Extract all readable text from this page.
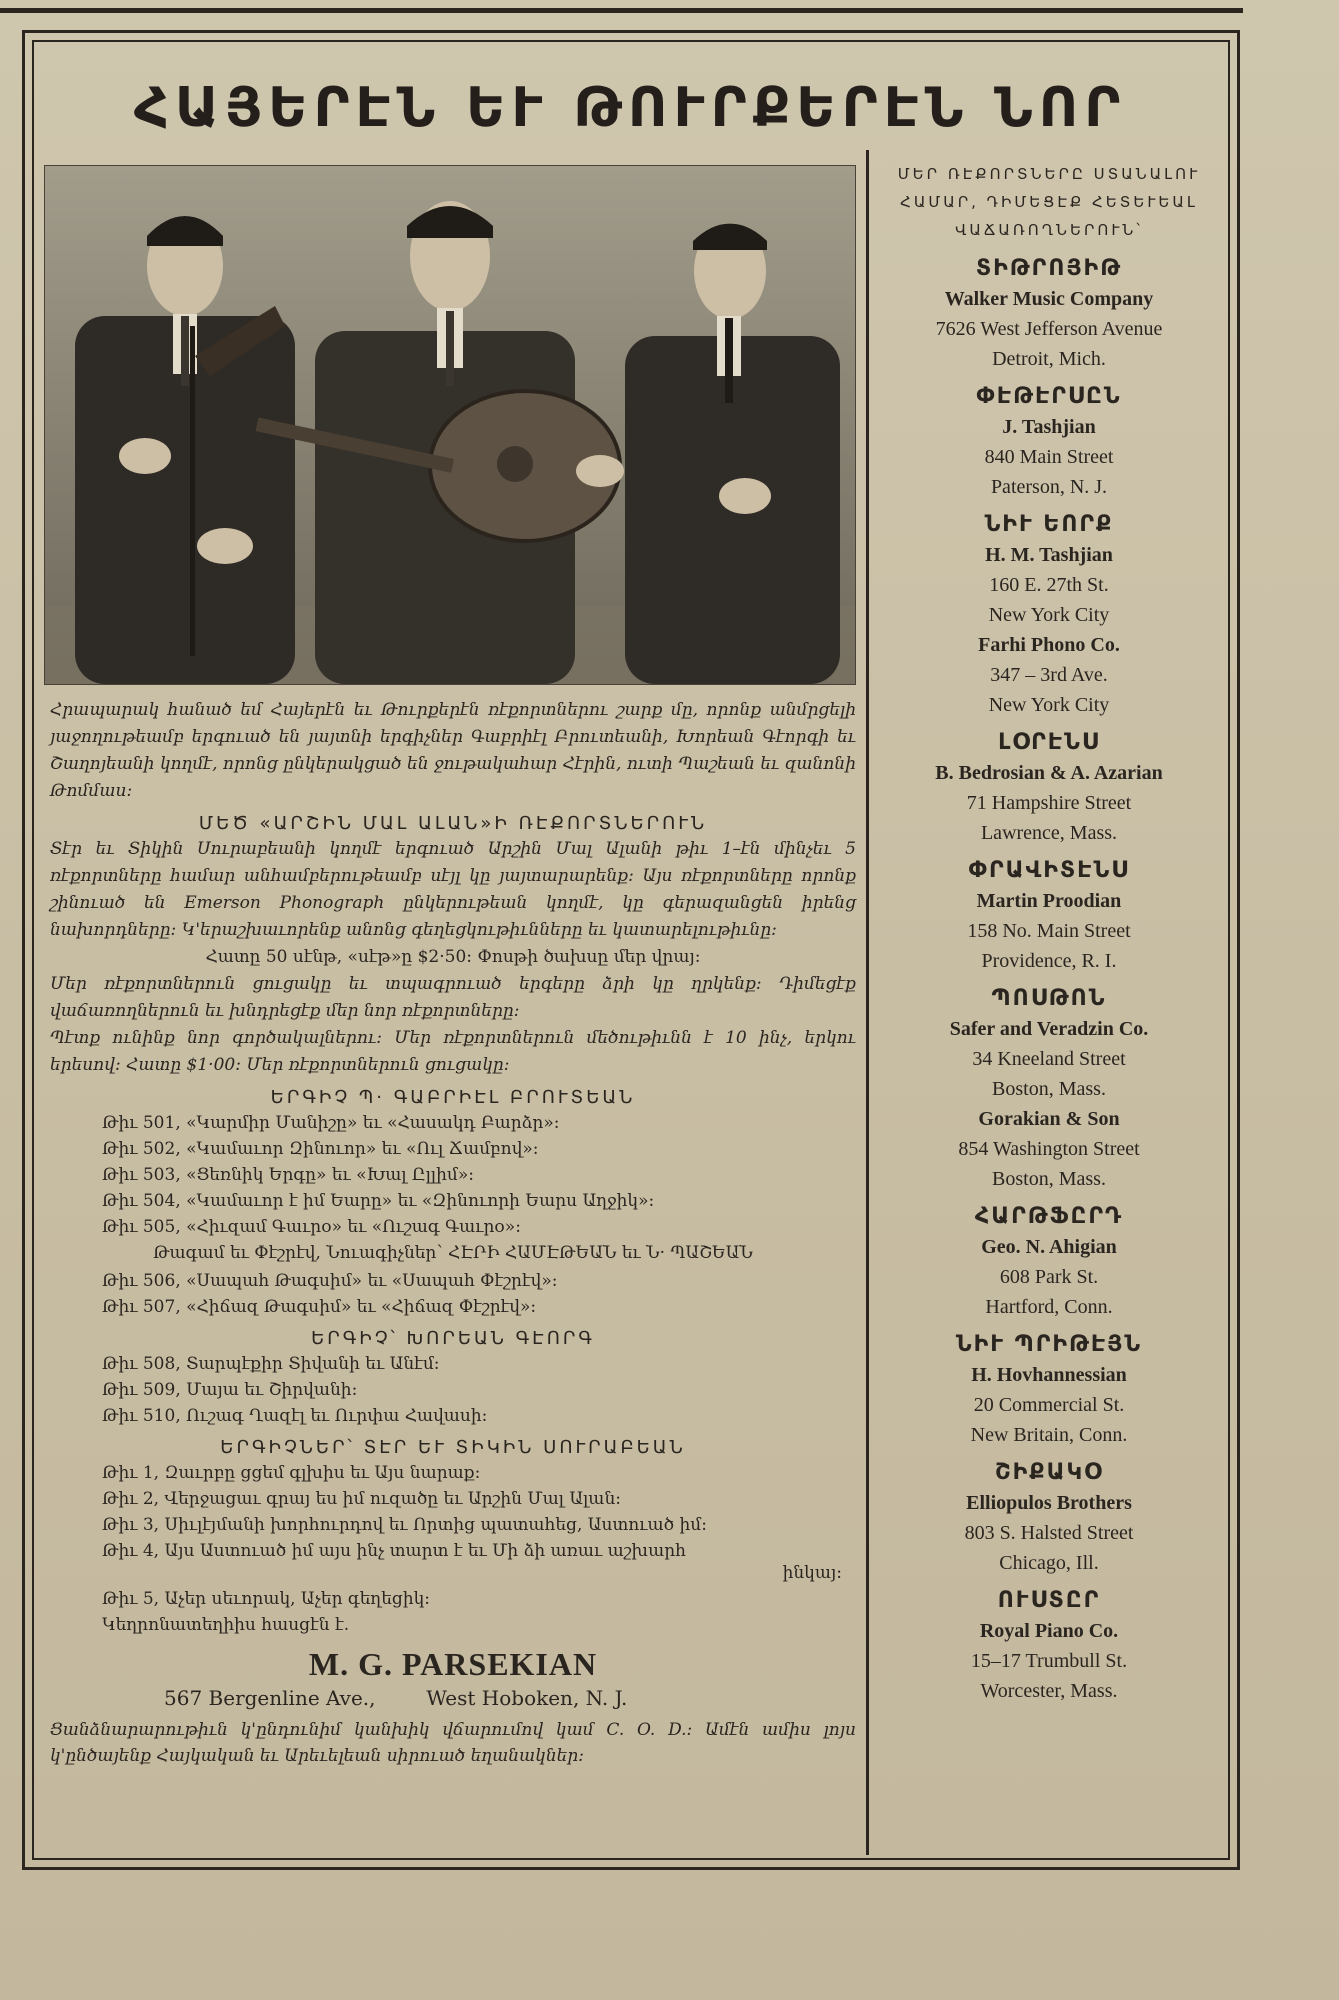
ՀԱՅԵՐԷՆ ԵՒ ԹՈՒՐՔԵՐԷՆ ՆՈՐ

Հրապարակ հանած եմ Հայերէն եւ Թուրքերէն ռէքորտներու շարք մը, որոնք անմրցելի յաջողութեամբ երգուած են յայտնի երգիչներ Գաբրիէլ Բրուտեանի, Խորեան Գէորգի եւ Շաղոյեանի կողմէ, որոնց ընկերակցած են ջութակահար Հէրին, ուտի Պաշեան եւ զանոնի Թոմմաս։

ՄԵԾ «ԱՐՇԻՆ ՄԱԼ ԱԼԱՆ»Ի ՌԷՔՈՐՏՆԵՐՈՒՆ

Տէր եւ Տիկին Սուրաբեանի կողմէ երգուած Արշին Մալ Ալանի թիւ 1–էն մինչեւ 5 ռէքորտները համար անհամբերութեամբ սէյլ կը յայտարարենք։ Այս ռէքորտները որոնք շինուած են Emerson Phonograph ընկերութեան կողմէ, կը գերազանցեն իրենց նախորդները։ Կ'երաշխաւորենք անոնց գեղեցկութիւնները եւ կատարելութիւնը։

Հատը 50 սէնթ, «սէթ»ը $2·50։ Փոսթի ծախսը մեր վրայ։

Մեր ռէքորտներուն ցուցակը եւ տպագրուած երգերը ձրի կը ղրկենք։ Դիմեցէք վաճառողներուն եւ խնդրեցէք մեր նոր ռէքորտները։

Պէտք ունինք նոր գործակալներու։ Մեր ռէքորտներուն մեծութիւնն է 10 ինչ, երկու երեսով։ Հատը $1·00։ Մեր ռէքորտներուն ցուցակը։

ԵՐԳԻՉ Պ· ԳԱԲՐԻԷԼ ԲՐՈՒՏԵԱՆ
Թիւ 501, «Կարմիր Մանիշը» եւ «Հասակդ Բարձր»։
Թիւ 502, «Կամաւոր Զինուոր» եւ «Ուլ Ճամբով»։
Թիւ 503, «Ցեռնիկ Երգը» եւ «Խալ Ըլլիմ»։
Թիւ 504, «Կամաւոր է իմ Եարը» եւ «Զինուորի Եարս Աղջիկ»։
Թիւ 505, «Հիւզամ Գաւրօ» եւ «Ուշագ Գաւրօ»։
Թագամ եւ Փէշրէվ, Նուագիչներ՝ ՀԷՐԻ ՀԱՄԷԹԵԱՆ եւ Ն· ՊԱՇԵԱՆ
Թիւ 506, «Սապահ Թագսիմ» եւ «Սապահ Փէշրէվ»։
Թիւ 507, «Հիճազ Թագսիմ» եւ «Հիճազ Փէշրէվ»։
ԵՐԳԻՉ՝ ԽՈՐԵԱՆ ԳԷՈՐԳ
Թիւ 508, Տարպէքիր Տիվանի եւ Անէմ։
Թիւ 509, Մայա եւ Շիրվանի։
Թիւ 510, Ուշագ Ղազէլ եւ Ուրփա Հավասի։
ԵՐԳԻՉՆԵՐ՝ ՏԷՐ ԵՒ ՏԻԿԻՆ ՍՈՒՐԱԲԵԱՆ
Թիւ 1, Զաւրբը ցցեմ գլխիս եւ Այս նարաք։
Թիւ 2, Վերջացաւ գրայ ես իմ ուզածը եւ Արշին Մալ Ալան։
Թիւ 3, Սիւլէյմանի խորհուրդով եւ Որտից պատահեց, Աստուած իմ։
Թիւ 4, Այս Աստուած իմ այս ինչ տարտ է եւ Մի ձի առաւ աշխարհ
ինկայ։
Թիւ 5, Աչեր սեւորակ, Աչեր գեղեցիկ։
Կեղրոնատեղիիս հասցէն է․
M. G. PARSEKIAN
567 Bergenline Ave.,	West Hoboken, N. J.

Ցանձնարարութիւն կ'ընդունիմ կանխիկ վճարումով կամ C. O. D.։ Ամէն ամիս լոյս կ'ընծայենք Հայկական եւ Արեւելեան սիրուած եղանակներ։

ՄԵՐ ՌԷՔՈՐՏՆԵՐԸ ՍՏԱՆԱԼՈՒ ՀԱՄԱՐ, ԴԻՄԵՑԷՔ ՀԵՏԵՒԵԱԼ ՎԱՃԱՌՈՂՆԵՐՈՒՆ՝
ՏԻԹՐՈՅԻԹ
Walker Music Company
7626 West Jefferson Avenue
Detroit, Mich.
ՓԷԹԷՐՍԸՆ
J. Tashjian
840 Main Street
Paterson, N. J.
ՆԻՒ ԵՈՐՔ
H. M. Tashjian
160 E. 27th St.
New York City
Farhi Phono Co.
347 – 3rd Ave.
New York City
ԼՕՐԷՆՍ
B. Bedrosian & A. Azarian
71 Hampshire Street
Lawrence, Mass.
ՓՐԱՎԻՏԷՆՍ
Martin Proodian
158 No. Main Street
Providence, R. I.
ՊՈՍԹՈՆ
Safer and Veradzin Co.
34 Kneeland Street
Boston, Mass.
Gorakian & Son
854 Washington Street
Boston, Mass.
ՀԱՐԹՖԸՐԴ
Geo. N. Ahigian
608 Park St.
Hartford, Conn.
ՆԻՒ ՊՐԻԹԷՅՆ
H. Hovhannessian
20 Commercial St.
New Britain, Conn.
ՇԻՔԱԿՕ
Elliopulos Brothers
803 S. Halsted Street
Chicago, Ill.
ՈՒՍՏԸՐ
Royal Piano Co.
15–17 Trumbull St.
Worcester, Mass.
